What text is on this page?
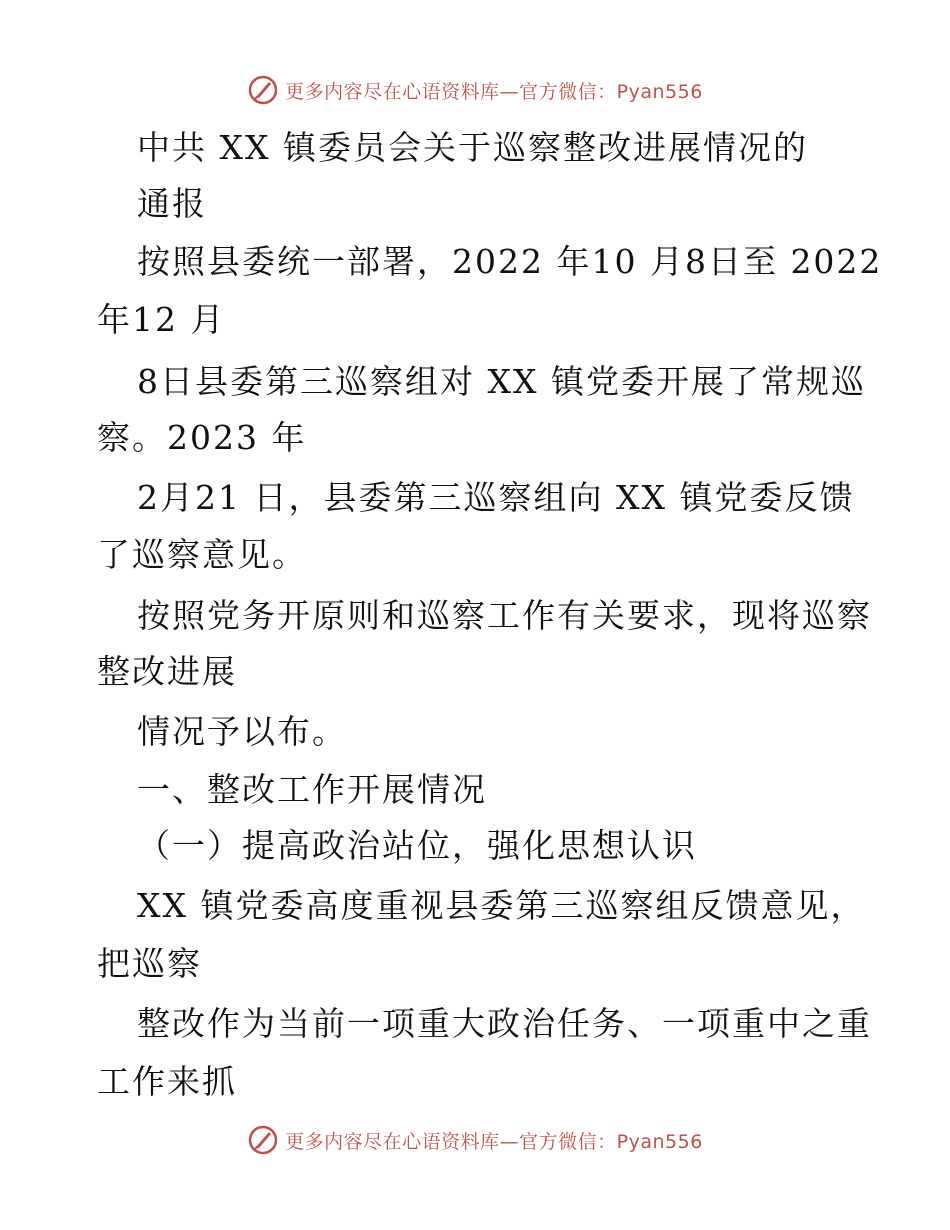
更多内容尽在心语资料库—官方微信：Pyan556
中共 XX 镇委员会关于巡察整改进展情况的
通报
按照县委统一部署，2022 年10 月8日至 2022
年12 月
8日县委第三巡察组对 XX 镇党委开展了常规巡
察。2023 年
2月21 日，县委第三巡察组向 XX 镇党委反馈
了巡察意见。
按照党务开原则和巡察工作有关要求，现将巡察
整改进展
情况予以布。
一、整改工作开展情况
（一）提高政治站位，强化思想认识
XX 镇党委高度重视县委第三巡察组反馈意见，
把巡察
整改作为当前一项重大政治任务、一项重中之重
工作来抓
更多内容尽在心语资料库—官方微信：Pyan556
